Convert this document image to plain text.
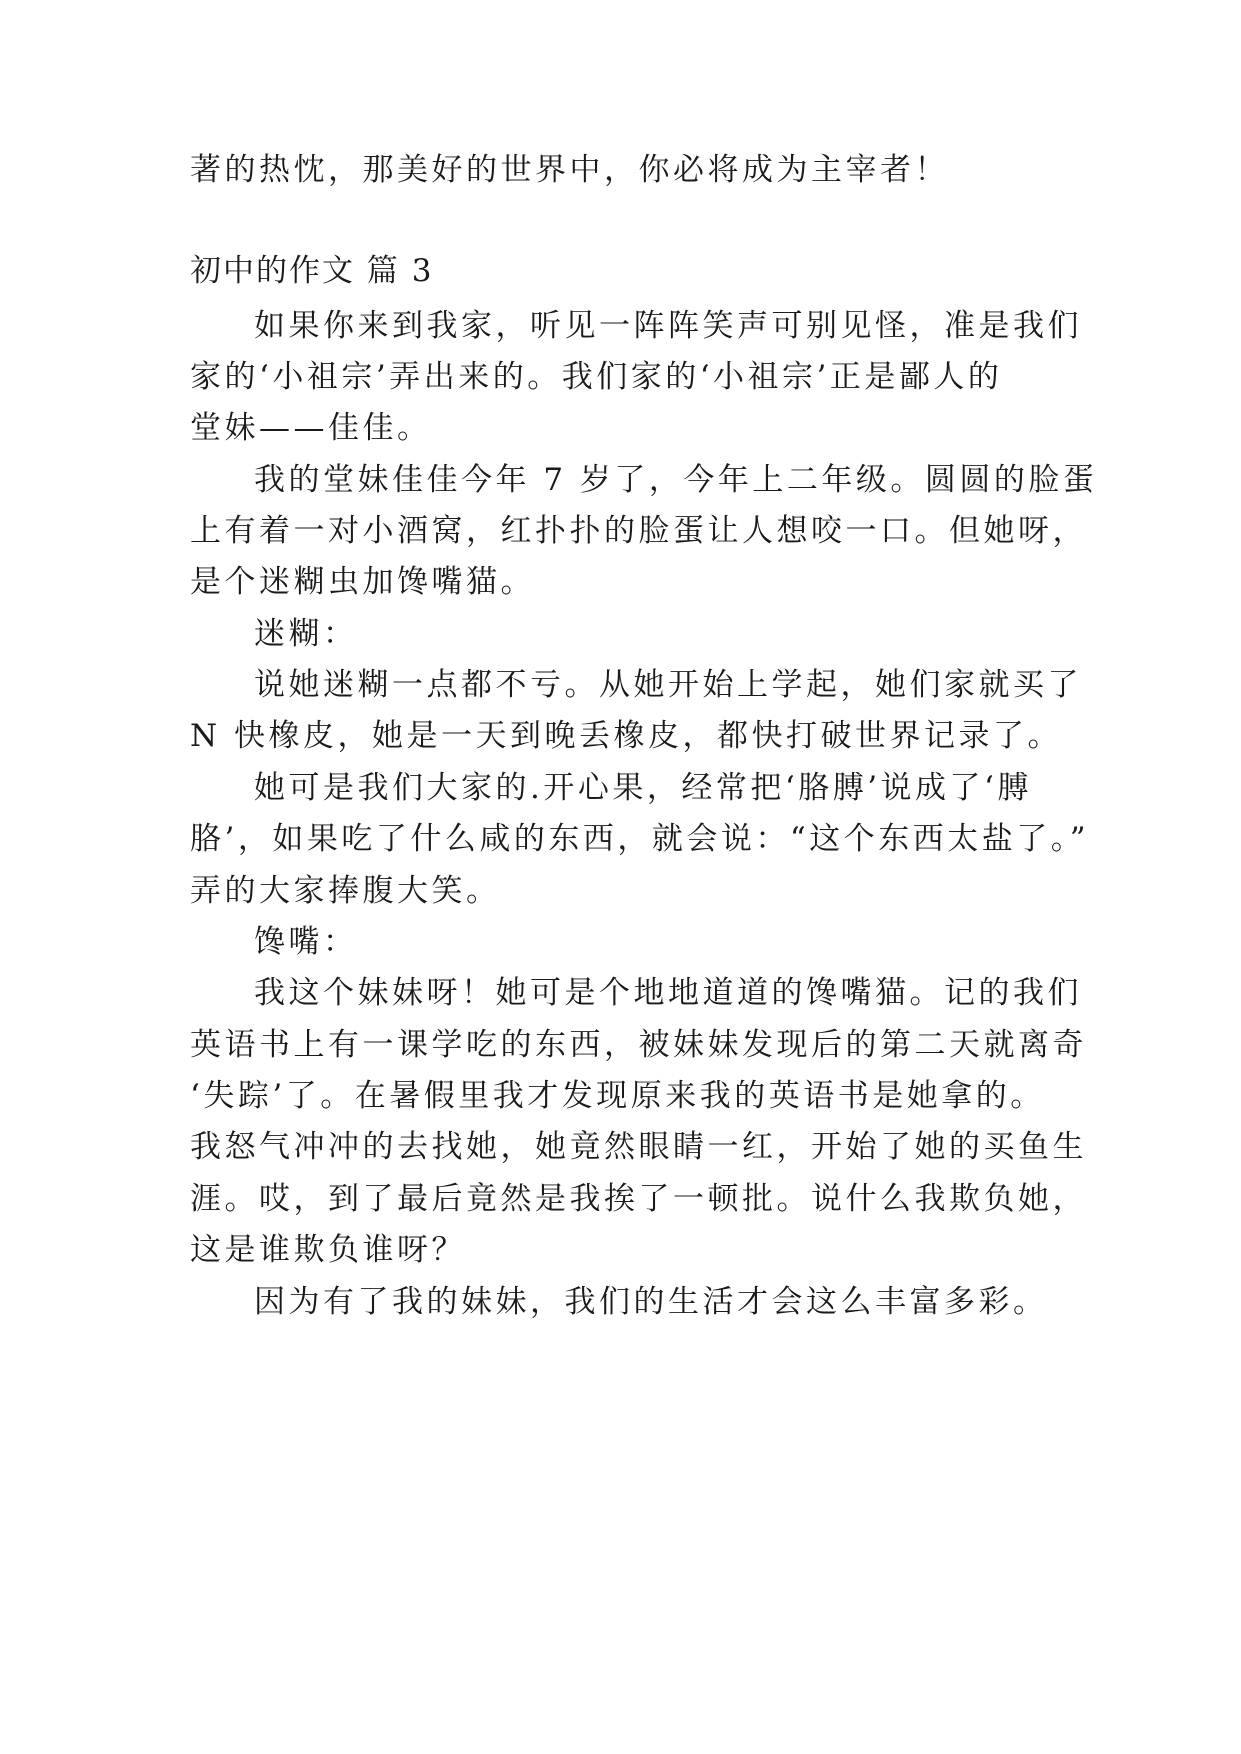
著的热忱，那美好的世界中，你必将成为主宰者！

初中的作文 篇 3

如果你来到我家，听见一阵阵笑声可别见怪，准是我们

家的‘小祖宗’弄出来的。我们家的‘小祖宗’正是鄙人的

堂妹——佳佳。

我的堂妹佳佳今年 7 岁了，今年上二年级。圆圆的脸蛋

上有着一对小酒窝，红扑扑的脸蛋让人想咬一口。但她呀，

是个迷糊虫加馋嘴猫。

迷糊：

说她迷糊一点都不亏。从她开始上学起，她们家就买了

N 快橡皮，她是一天到晚丢橡皮，都快打破世界记录了。

她可是我们大家的.开心果，经常把‘胳膊’说成了‘膊

胳’，如果吃了什么咸的东西，就会说：“这个东西太盐了。”

弄的大家捧腹大笑。

馋嘴：

我这个妹妹呀！她可是个地地道道的馋嘴猫。记的我们

英语书上有一课学吃的东西，被妹妹发现后的第二天就离奇

‘失踪’了。在暑假里我才发现原来我的英语书是她拿的。

我怒气冲冲的去找她，她竟然眼睛一红，开始了她的买鱼生

涯。哎，到了最后竟然是我挨了一顿批。说什么我欺负她，

这是谁欺负谁呀？

因为有了我的妹妹，我们的生活才会这么丰富多彩。
